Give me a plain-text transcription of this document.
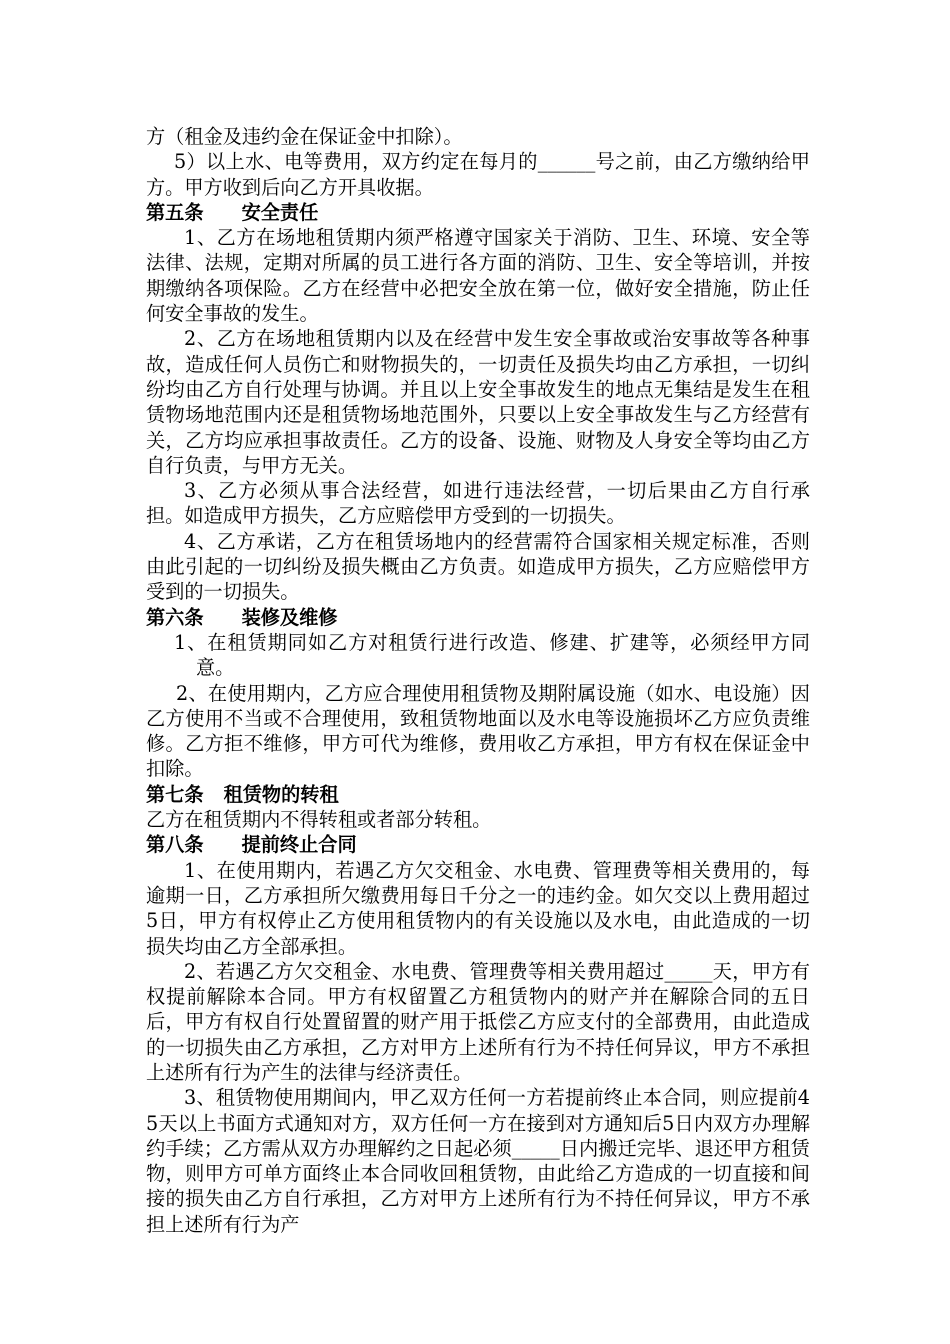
方（租金及违约金在保证金中扣除）。

5）以上水、电等费用，双方约定在每月的______号之前，由乙方缴纳给甲方。甲方收到后向乙方开具收据。

第五条 安全责任

1、乙方在场地租赁期内须严格遵守国家关于消防、卫生、环境、安全等法律、法规，定期对所属的员工进行各方面的消防、卫生、安全等培训，并按期缴纳各项保险。乙方在经营中必把安全放在第一位，做好安全措施，防止任何安全事故的发生。

2、乙方在场地租赁期内以及在经营中发生安全事故或治安事故等各种事故，造成任何人员伤亡和财物损失的，一切责任及损失均由乙方承担，一切纠纷均由乙方自行处理与协调。并且以上安全事故发生的地点无集结是发生在租赁物场地范围内还是租赁物场地范围外，只要以上安全事故发生与乙方经营有关，乙方均应承担事故责任。乙方的设备、设施、财物及人身安全等均由乙方自行负责，与甲方无关。

3、乙方必须从事合法经营，如进行违法经营，一切后果由乙方自行承担。如造成甲方损失，乙方应赔偿甲方受到的一切损失。

4、乙方承诺，乙方在租赁场地内的经营需符合国家相关规定标准，否则由此引起的一切纠纷及损失概由乙方负责。如造成甲方损失，乙方应赔偿甲方受到的一切损失。

第六条 装修及维修

1、在租赁期同如乙方对租赁行进行改造、修建、扩建等，必须经甲方同意。

2、在使用期内，乙方应合理使用租赁物及期附属设施（如水、电设施）因乙方使用不当或不合理使用，致租赁物地面以及水电等设施损坏乙方应负责维修。乙方拒不维修，甲方可代为维修，费用收乙方承担，甲方有权在保证金中扣除。

第七条 租赁物的转租

乙方在租赁期内不得转租或者部分转租。

第八条 提前终止合同

1、在使用期内，若遇乙方欠交租金、水电费、管理费等相关费用的，每逾期一日，乙方承担所欠缴费用每日千分之一的违约金。如欠交以上费用超过5日，甲方有权停止乙方使用租赁物内的有关设施以及水电，由此造成的一切损失均由乙方全部承担。

2、若遇乙方欠交租金、水电费、管理费等相关费用超过_____天，甲方有权提前解除本合同。甲方有权留置乙方租赁物内的财产并在解除合同的五日后，甲方有权自行处置留置的财产用于抵偿乙方应支付的全部费用，由此造成的一切损失由乙方承担，乙方对甲方上述所有行为不持任何异议，甲方不承担上述所有行为产生的法律与经济责任。

3、租赁物使用期间内，甲乙双方任何一方若提前终止本合同，则应提前45天以上书面方式通知对方，双方任何一方在接到对方通知后5日内双方办理解约手续；乙方需从双方办理解约之日起必须_____日内搬迁完毕、退还甲方租赁物，则甲方可单方面终止本合同收回租赁物，由此给乙方造成的一切直接和间接的损失由乙方自行承担，乙方对甲方上述所有行为不持任何异议，甲方不承担上述所有行为产
